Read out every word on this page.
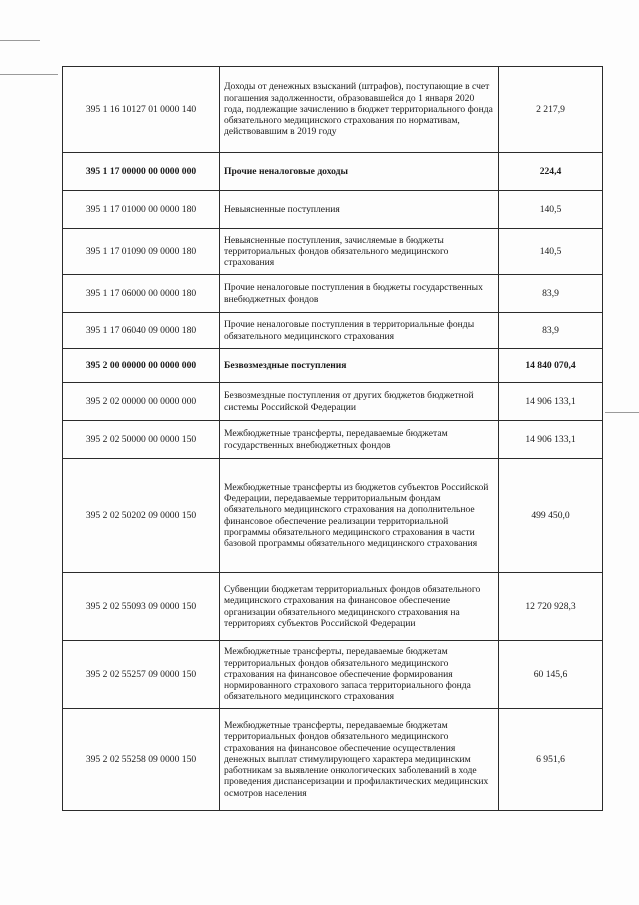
395 1 16 10127 01 0000 140	Доходы от денежных взысканий (штрафов), поступающие в счет погашения задолженности, образовавшейся до 1 января 2020 года, подлежащие зачислению в бюджет территориального фонда обязательного медицинского страхования по нормативам, действовавшим в 2019 году	2 217,9
395 1 17 00000 00 0000 000	Прочие неналоговые доходы	224,4
395 1 17 01000 00 0000 180	Невыясненные поступления	140,5
395 1 17 01090 09 0000 180	Невыясненные поступления, зачисляемые в бюджеты территориальных фондов обязательного медицинского страхования	140,5
395 1 17 06000 00 0000 180	Прочие неналоговые поступления в бюджеты государственных внебюджетных фондов	83,9
395 1 17 06040 09 0000 180	Прочие неналоговые поступления в территориальные фонды обязательного медицинского страхования	83,9
395 2 00 00000 00 0000 000	Безвозмездные поступления	14 840 070,4
395 2 02 00000 00 0000 000	Безвозмездные поступления от других бюджетов бюджетной системы Российской Федерации	14 906 133,1
395 2 02 50000 00 0000 150	Межбюджетные трансферты, передаваемые бюджетам государственных внебюджетных фондов	14 906 133,1
395 2 02 50202 09 0000 150	Межбюджетные трансферты из бюджетов субъектов Российской Федерации, передаваемые территориальным фондам обязательного медицинского страхования на дополнительное финансовое обеспечение реализации территориальной программы обязательного медицинского страхования в части базовой программы обязательного медицинского страхования	499 450,0
395 2 02 55093 09 0000 150	Субвенции бюджетам территориальных фондов обязательного медицинского страхования на финансовое обеспечение организации обязательного медицинского страхования на территориях субъектов Российской Федерации	12 720 928,3
395 2 02 55257 09 0000 150	Межбюджетные трансферты, передаваемые бюджетам территориальных фондов обязательного медицинского страхования на финансовое обеспечение формирования нормированного страхового запаса территориального фонда обязательного медицинского страхования	60 145,6
395 2 02 55258 09 0000 150	Межбюджетные трансферты, передаваемые бюджетам территориальных фондов обязательного медицинского страхования на финансовое обеспечение осуществления денежных выплат стимулирующего характера медицинским работникам за выявление онкологических заболеваний в ходе проведения диспансеризации и профилактических медицинских осмотров населения	6 951,6
